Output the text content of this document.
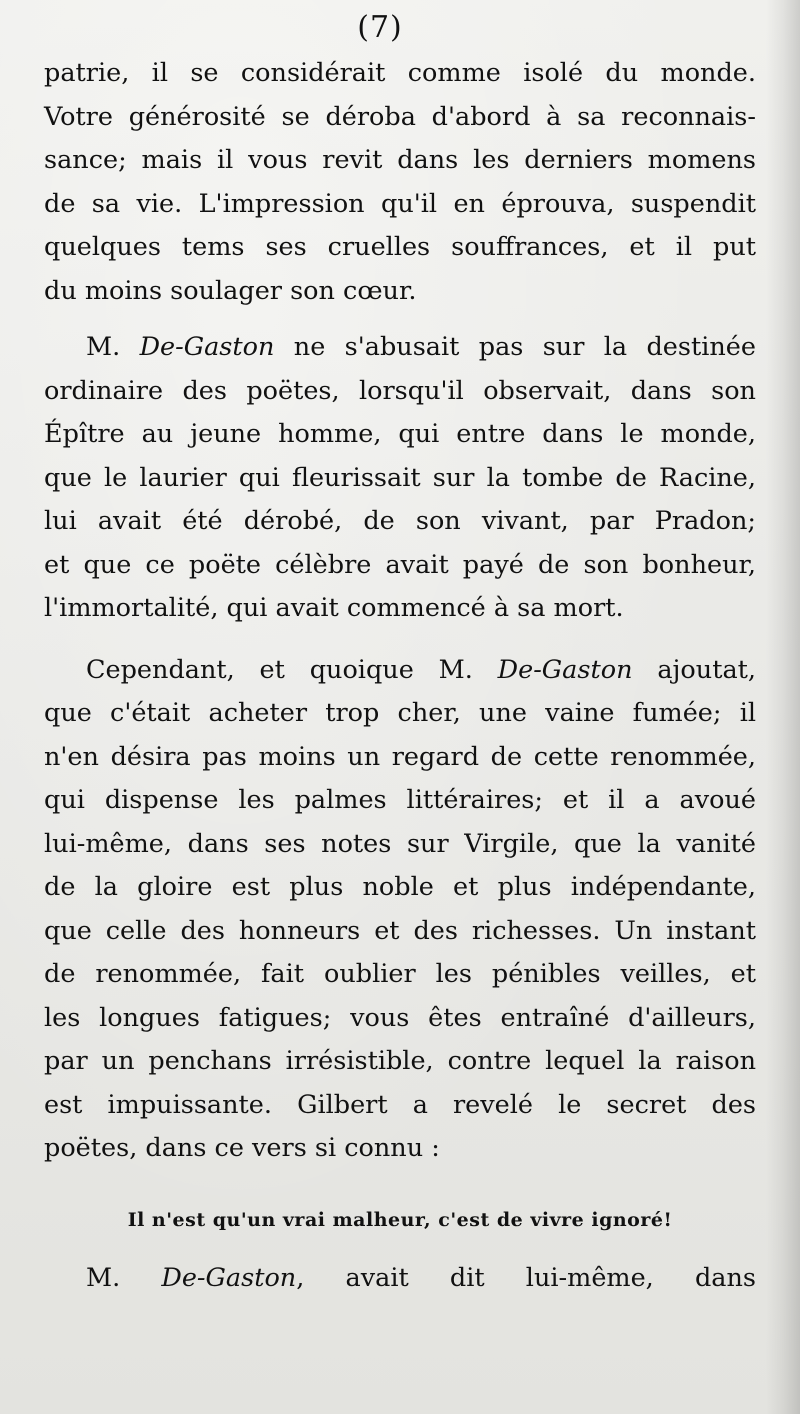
(7)
patrie, il se considérait comme isolé du monde.
Votre générosité se déroba d'abord à sa reconnais-
sance; mais il vous revit dans les derniers momens
de sa vie. L'impression qu'il en éprouva, suspendit
quelques tems ses cruelles souffrances, et il put
du moins soulager son cœur.
M. De-Gaston ne s'abusait pas sur la destinée
ordinaire des poëtes, lorsqu'il observait, dans son
Épître au jeune homme, qui entre dans le monde,
que le laurier qui fleurissait sur la tombe de Racine,
lui avait été dérobé, de son vivant, par Pradon;
et que ce poëte célèbre avait payé de son bonheur,
l'immortalité, qui avait commencé à sa mort.
Cependant, et quoique M. De-Gaston ajoutat,
que c'était acheter trop cher, une vaine fumée; il
n'en désira pas moins un regard de cette renommée,
qui dispense les palmes littéraires; et il a avoué
lui-même, dans ses notes sur Virgile, que la vanité
de la gloire est plus noble et plus indépendante,
que celle des honneurs et des richesses. Un instant
de renommée, fait oublier les pénibles veilles, et
les longues fatigues; vous êtes entraîné d'ailleurs,
par un penchans irrésistible, contre lequel la raison
est impuissante. Gilbert a revelé le secret des
poëtes, dans ce vers si connu :
Il n'est qu'un vrai malheur, c'est de vivre ignoré!
M. De-Gaston, avait dit lui-même, dans
